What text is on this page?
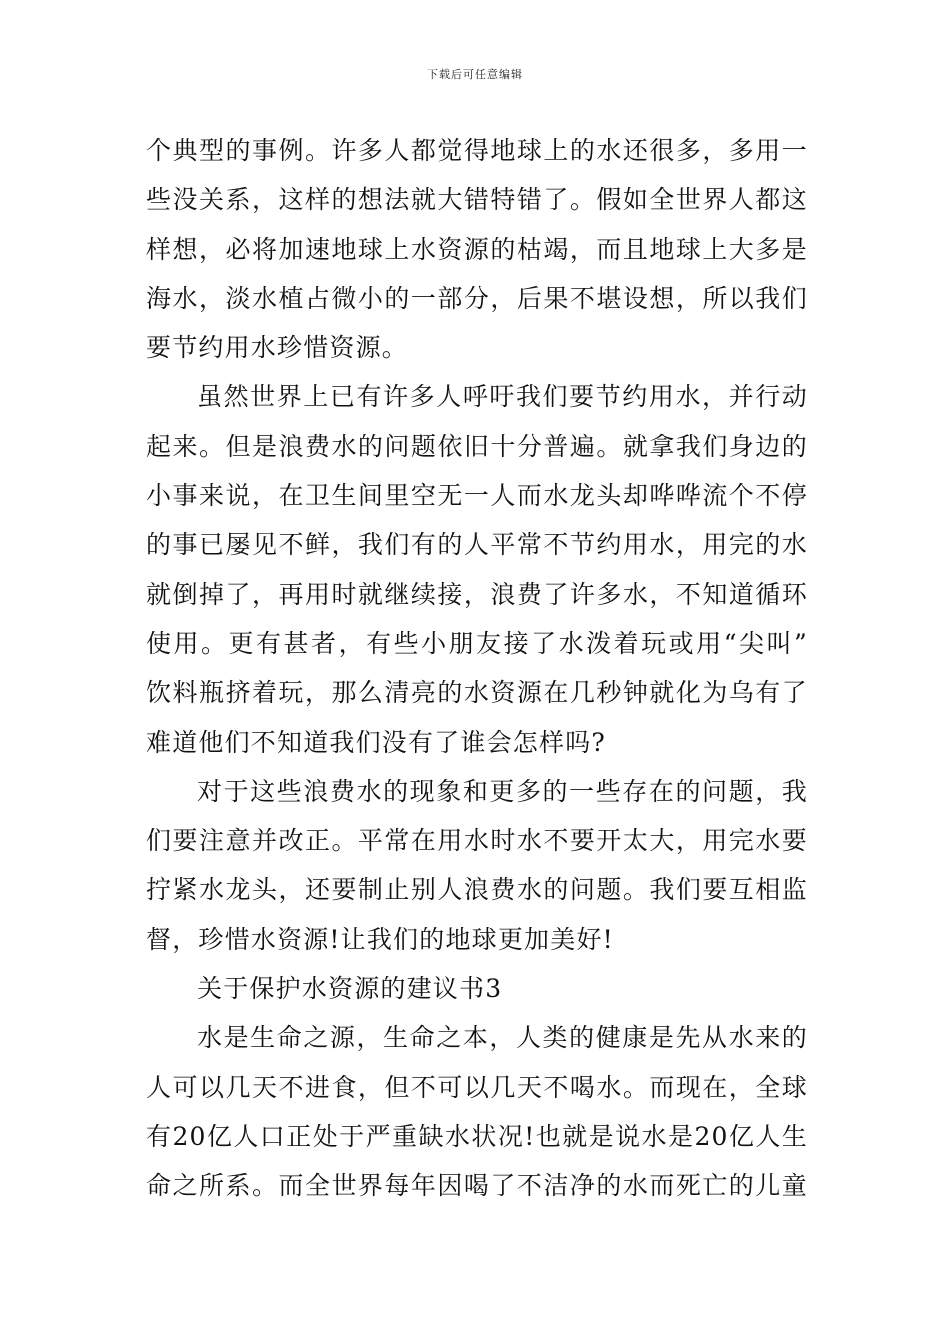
下载后可任意编辑
个典型的事例。许多人都觉得地球上的水还很多，多用一
些没关系，这样的想法就大错特错了。假如全世界人都这
样想，必将加速地球上水资源的枯竭，而且地球上大多是
海水，淡水植占微小的一部分，后果不堪设想，所以我们
要节约用水珍惜资源。
虽然世界上已有许多人呼吁我们要节约用水，并行动
起来。但是浪费水的问题依旧十分普遍。就拿我们身边的
小事来说，在卫生间里空无一人而水龙头却哗哗流个不停
的事已屡见不鲜，我们有的人平常不节约用水，用完的水
就倒掉了，再用时就继续接，浪费了许多水，不知道循环
使用。更有甚者，有些小朋友接了水泼着玩或用“尖叫”
饮料瓶挤着玩，那么清亮的水资源在几秒钟就化为乌有了
难道他们不知道我们没有了谁会怎样吗?
对于这些浪费水的现象和更多的一些存在的问题，我
们要注意并改正。平常在用水时水不要开太大，用完水要
拧紧水龙头，还要制止别人浪费水的问题。我们要互相监
督，珍惜水资源!让我们的地球更加美好!
关于保护水资源的建议书3
水是生命之源，生命之本，人类的健康是先从水来的
人可以几天不进食，但不可以几天不喝水。而现在，全球
有20亿人口正处于严重缺水状况!也就是说水是20亿人生
命之所系。而全世界每年因喝了不洁净的水而死亡的儿童
